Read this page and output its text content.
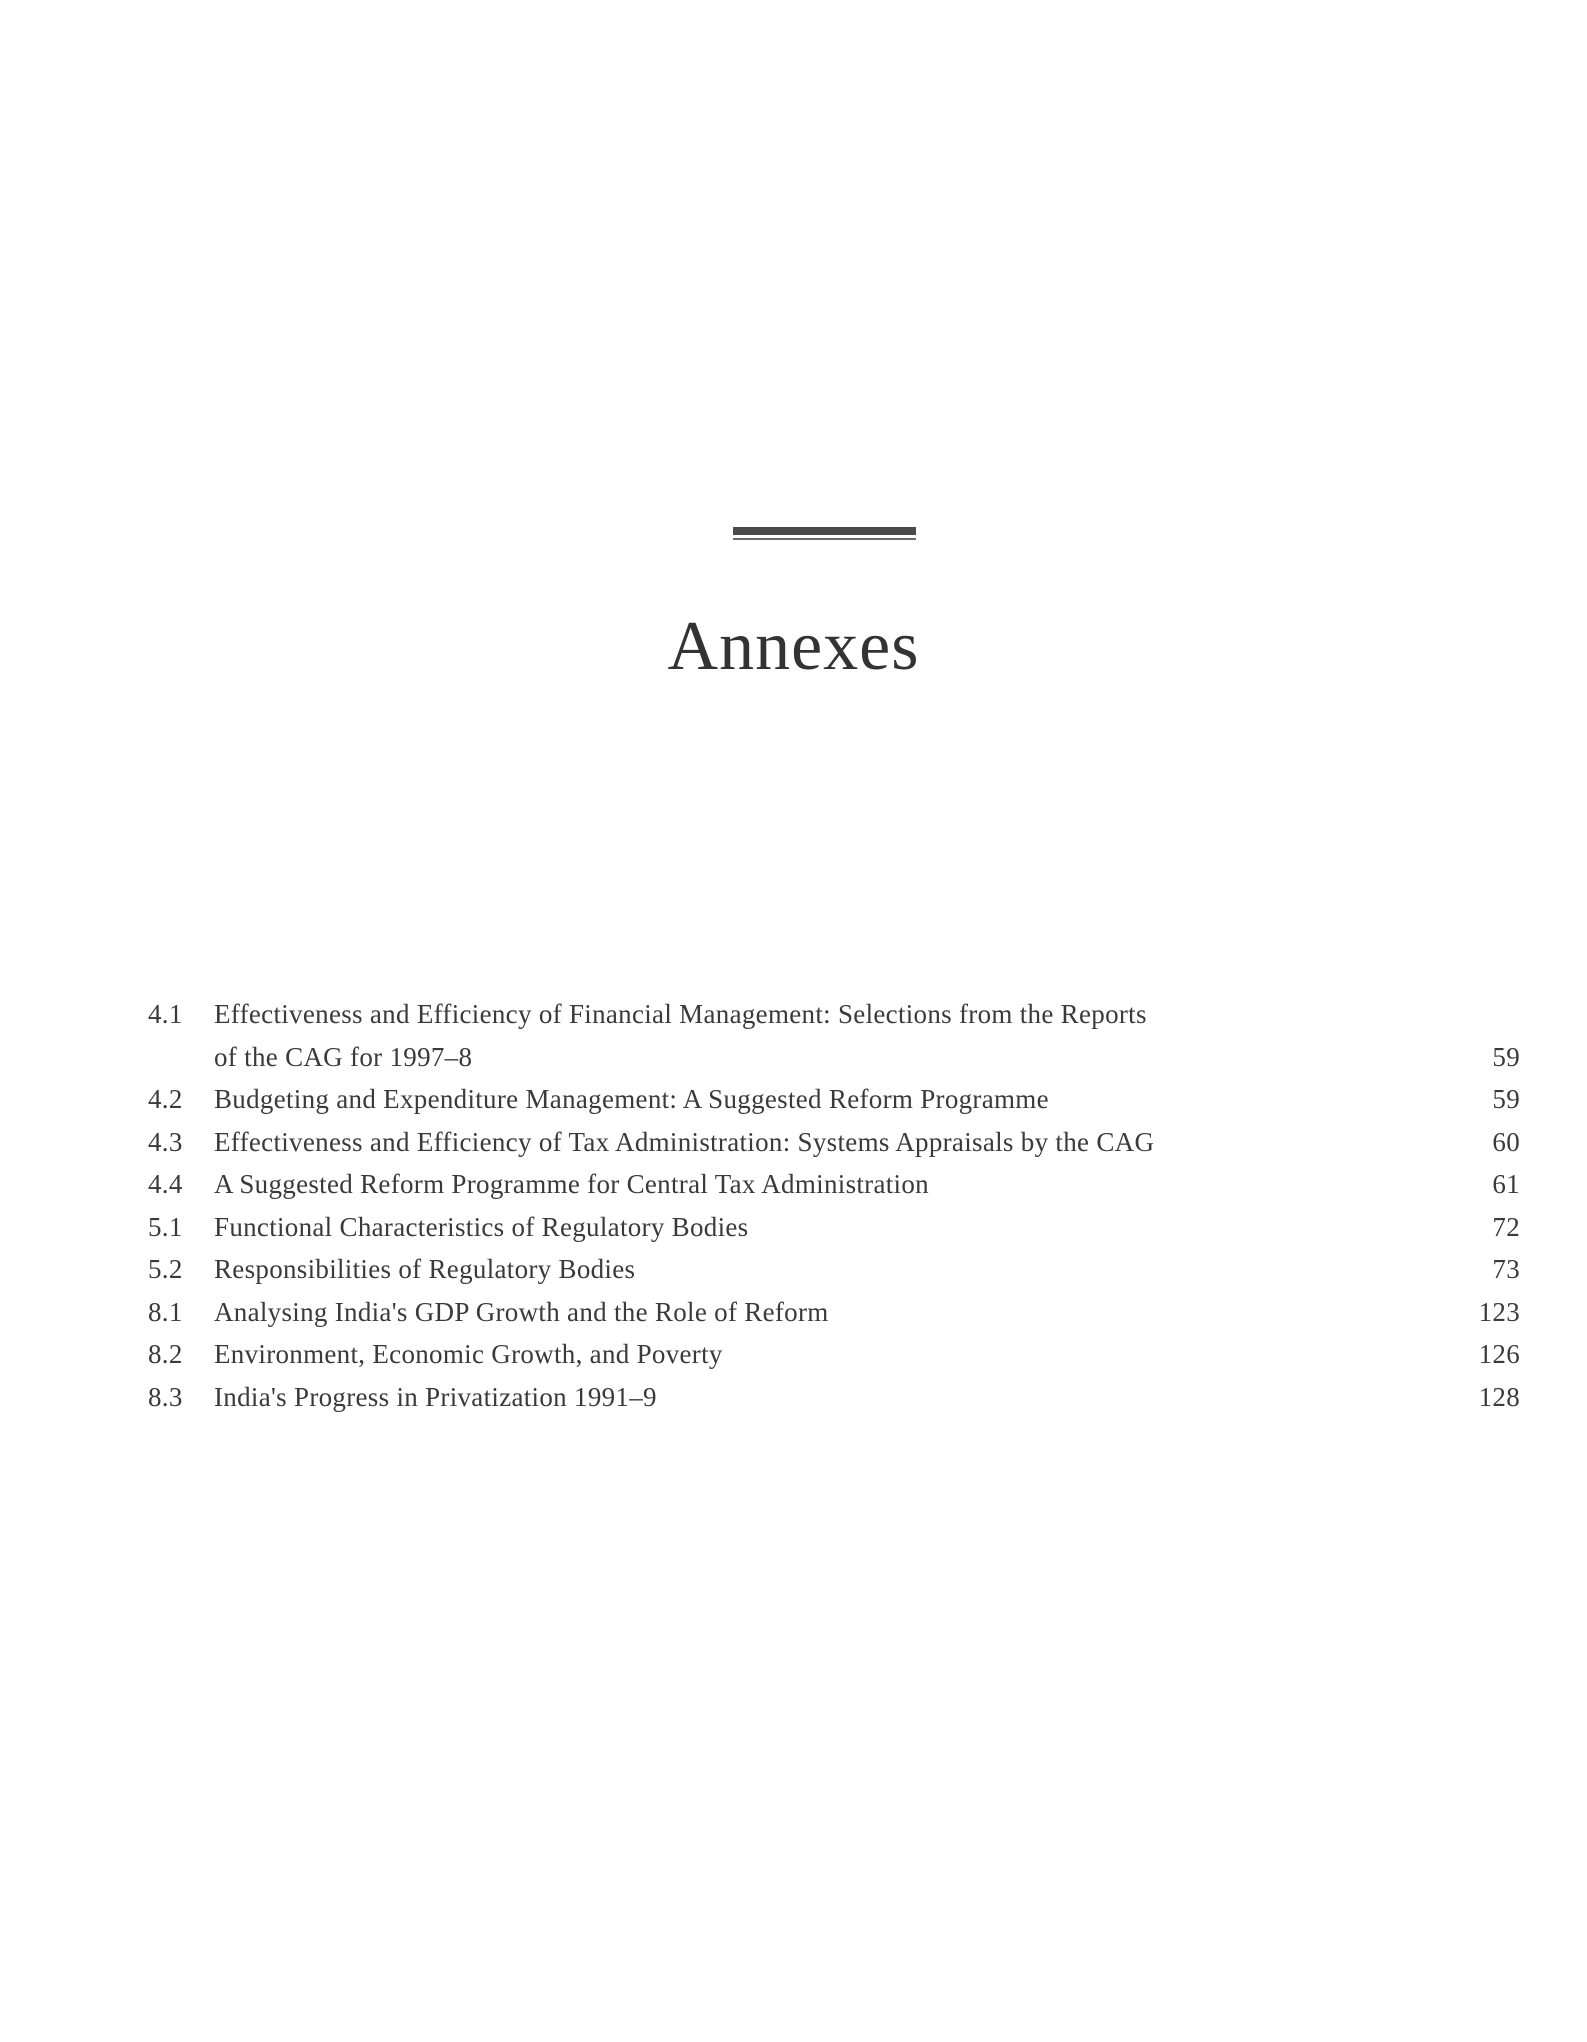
Annexes
4.1	Effectiveness and Efficiency of Financial Management: Selections from the Reports
of the CAG for 1997–8	59
4.2	Budgeting and Expenditure Management: A Suggested Reform Programme	59
4.3	Effectiveness and Efficiency of Tax Administration: Systems Appraisals by the CAG	60
4.4	A Suggested Reform Programme for Central Tax Administration	61
5.1	Functional Characteristics of Regulatory Bodies	72
5.2	Responsibilities of Regulatory Bodies	73
8.1	Analysing India's GDP Growth and the Role of Reform	123
8.2	Environment, Economic Growth, and Poverty	126
8.3	India's Progress in Privatization 1991–9	128
